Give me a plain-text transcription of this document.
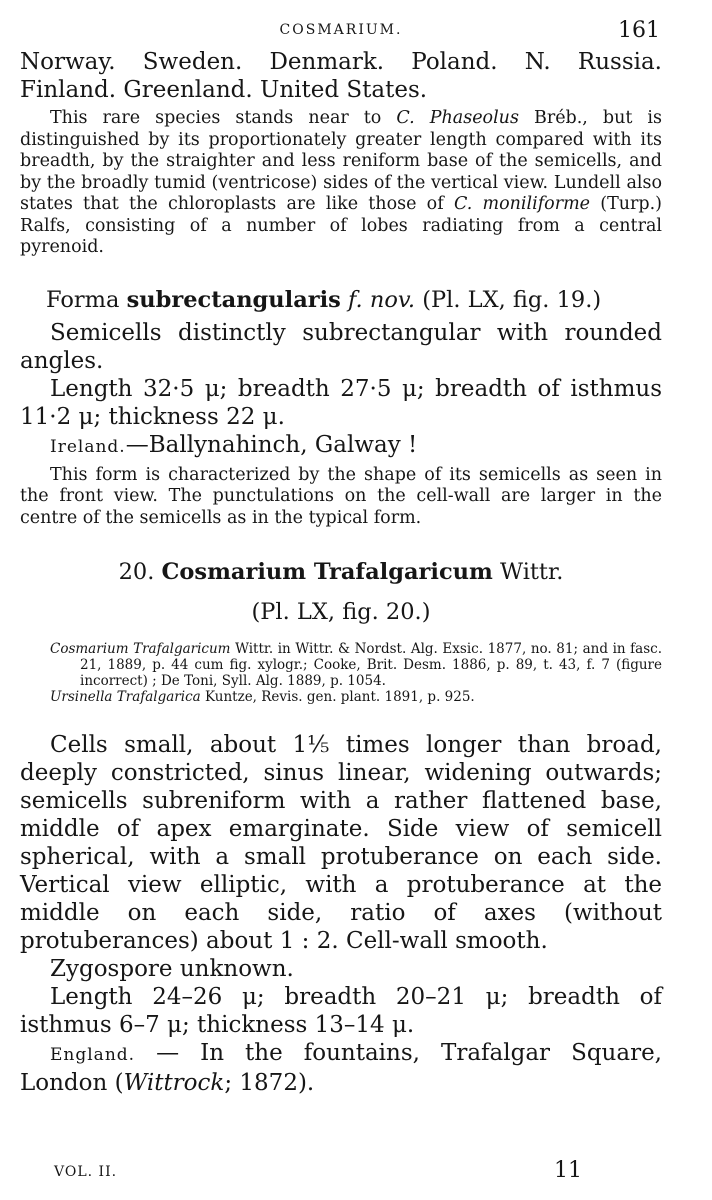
COSMARIUM.	161
Norway. Sweden. Denmark. Poland. N. Russia. Finland. Greenland. United States.
This rare species stands near to C. Phaseolus Bréb., but is distinguished by its proportionately greater length compared with its breadth, by the straighter and less reniform base of the semicells, and by the broadly tumid (ventricose) sides of the vertical view. Lundell also states that the chloroplasts are like those of C. moniliforme (Turp.) Ralfs, consisting of a number of lobes radiating from a central pyrenoid.
Forma subrectangularis f. nov. (Pl. LX, fig. 19.)
Semicells distinctly subrectangular with rounded angles.
Length 32·5 μ; breadth 27·5 μ; breadth of isthmus 11·2 μ; thickness 22 μ.
Ireland.—Ballynahinch, Galway !
This form is characterized by the shape of its semicells as seen in the front view. The punctulations on the cell-wall are larger in the centre of the semicells as in the typical form.
20. Cosmarium Trafalgaricum Wittr.
(Pl. LX, fig. 20.)
Cosmarium Trafalgaricum Wittr. in Wittr. & Nordst. Alg. Exsic. 1877, no. 81; and in fasc. 21, 1889, p. 44 cum fig. xylogr.; Cooke, Brit. Desm. 1886, p. 89, t. 43, f. 7 (figure incorrect) ; De Toni, Syll. Alg. 1889, p. 1054.
Ursinella Trafalgarica Kuntze, Revis. gen. plant. 1891, p. 925.
Cells small, about 1⅕ times longer than broad, deeply constricted, sinus linear, widening outwards; semicells subreniform with a rather flattened base, middle of apex emarginate. Side view of semicell spherical, with a small protuberance on each side. Vertical view elliptic, with a protuberance at the middle on each side, ratio of axes (without protuberances) about 1 : 2. Cell-wall smooth.
Zygospore unknown.
Length 24–26 μ; breadth 20–21 μ; breadth of isthmus 6–7 μ; thickness 13–14 μ.
England. — In the fountains, Trafalgar Square, London (Wittrock; 1872).
VOL. II.	11
